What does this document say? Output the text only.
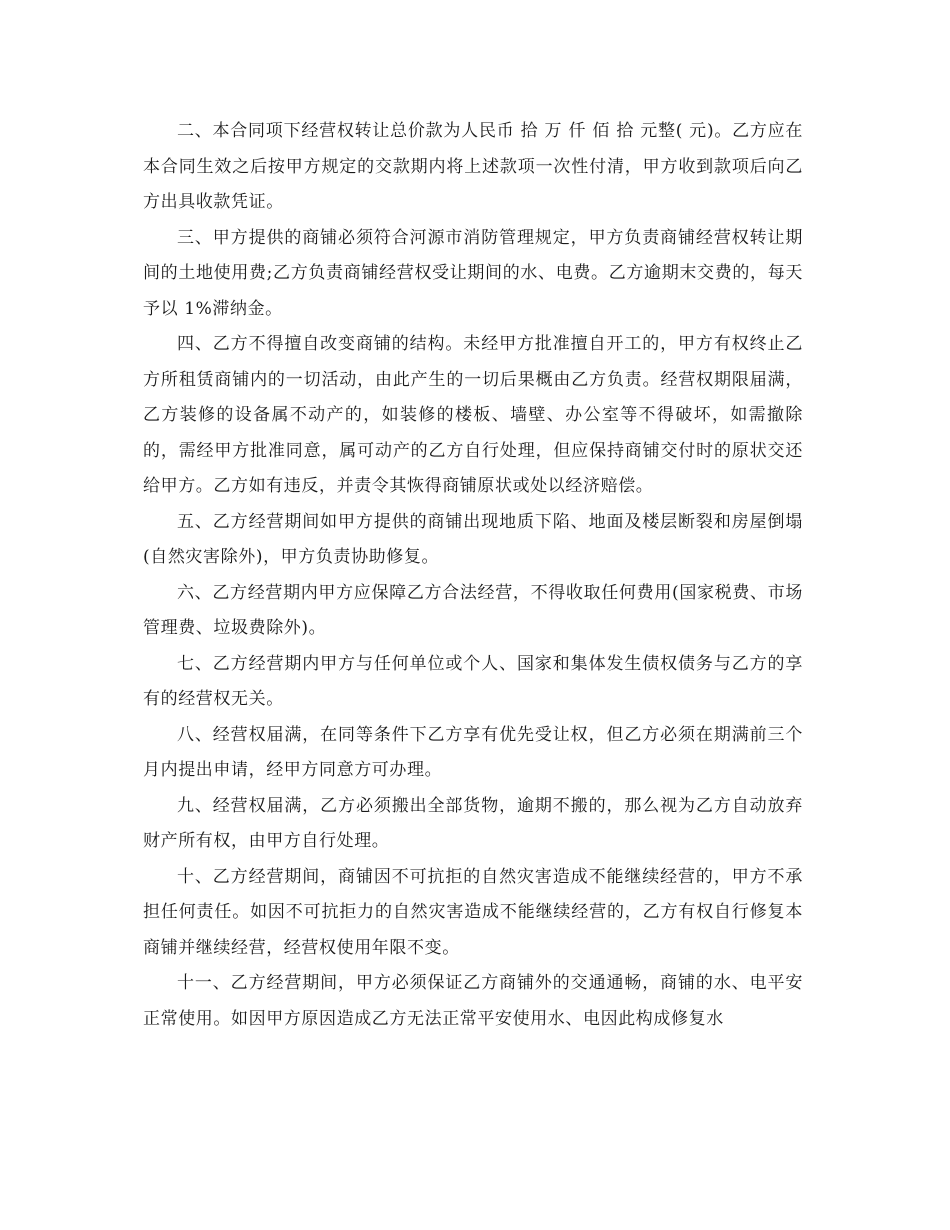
二、本合同项下经营权转让总价款为人民币 拾 万 仟 佰 拾 元整( 元)。乙方应在本合同生效之后按甲方规定的交款期内将上述款项一次性付清，甲方收到款项后向乙方出具收款凭证。

三、甲方提供的商铺必须符合河源市消防管理规定，甲方负责商铺经营权转让期间的土地使用费;乙方负责商铺经营权受让期间的水、电费。乙方逾期末交费的，每天予以 1%滞纳金。

四、乙方不得擅自改变商铺的结构。未经甲方批准擅自开工的，甲方有权终止乙方所租赁商铺内的一切活动，由此产生的一切后果概由乙方负责。经营权期限届满，乙方装修的设备属不动产的，如装修的楼板、墙壁、办公室等不得破坏，如需撤除的，需经甲方批准同意，属可动产的乙方自行处理，但应保持商铺交付时的原状交还给甲方。乙方如有违反，并责令其恢得商铺原状或处以经济赔偿。

五、乙方经营期间如甲方提供的商铺出现地质下陷、地面及楼层断裂和房屋倒塌(自然灾害除外)，甲方负责协助修复。

六、乙方经营期内甲方应保障乙方合法经营，不得收取任何费用(国家税费、市场管理费、垃圾费除外)。

七、乙方经营期内甲方与任何单位或个人、国家和集体发生债权债务与乙方的享有的经营权无关。

八、经营权届满，在同等条件下乙方享有优先受让权，但乙方必须在期满前三个月内提出申请，经甲方同意方可办理。

九、经营权届满，乙方必须搬出全部货物，逾期不搬的，那么视为乙方自动放弃财产所有权，由甲方自行处理。

十、乙方经营期间，商铺因不可抗拒的自然灾害造成不能继续经营的，甲方不承担任何责任。如因不可抗拒力的自然灾害造成不能继续经营的，乙方有权自行修复本商铺并继续经营，经营权使用年限不变。

十一、乙方经营期间，甲方必须保证乙方商铺外的交通通畅，商铺的水、电平安正常使用。如因甲方原因造成乙方无法正常平安使用水、电因此构成修复水
